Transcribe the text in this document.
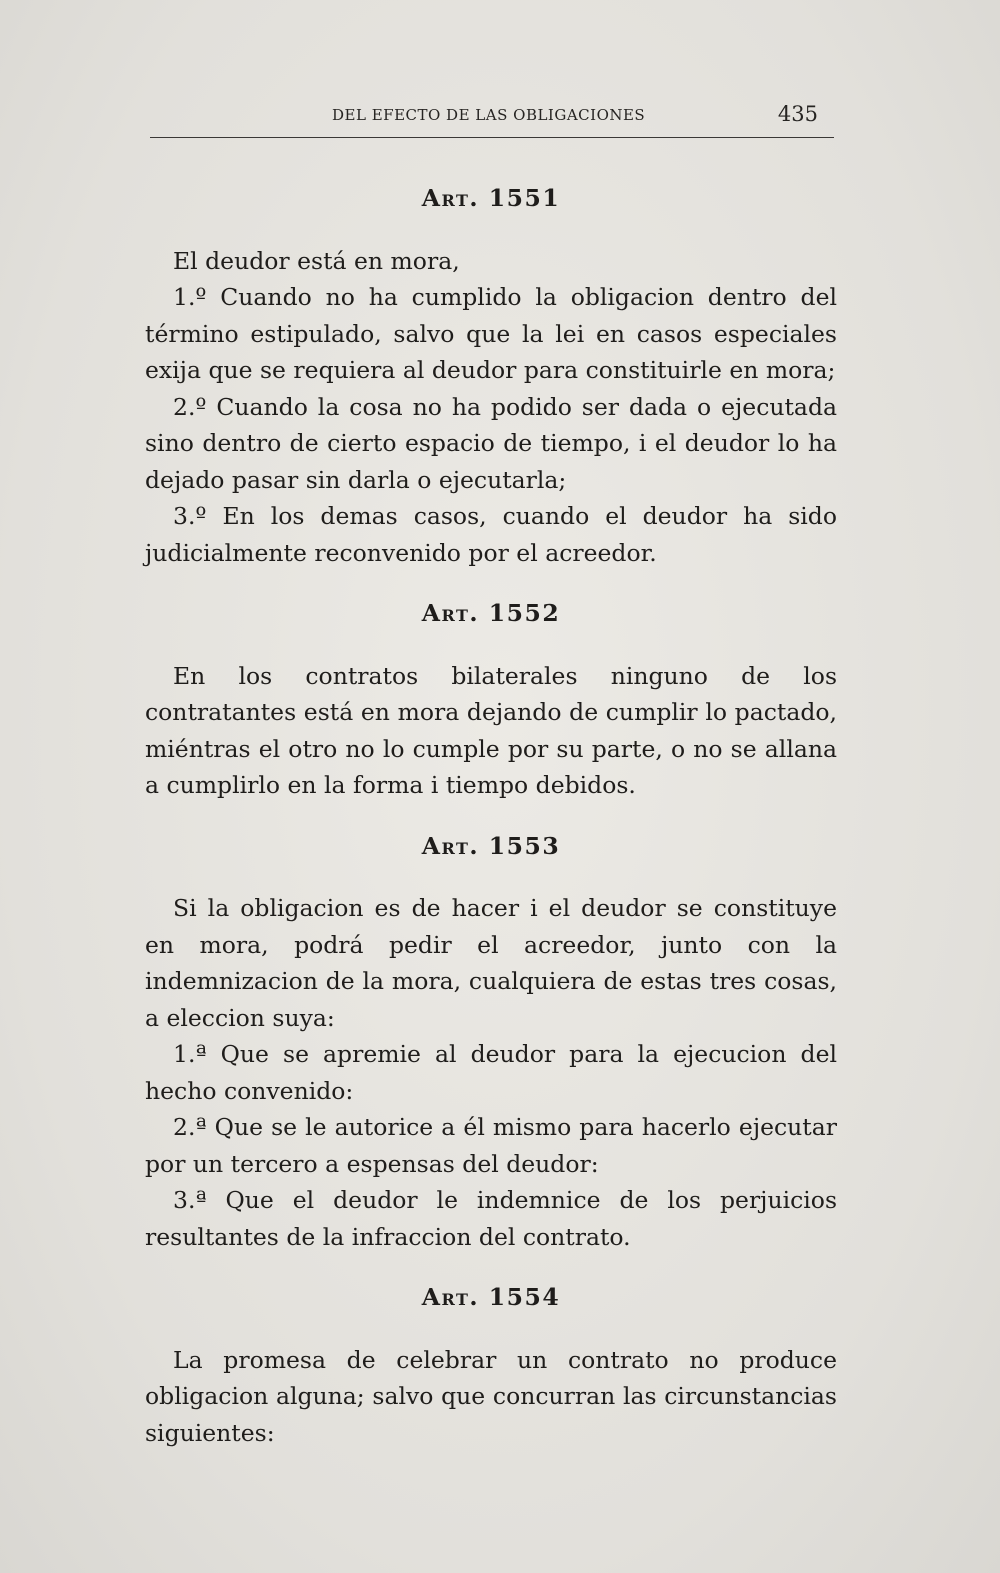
DEL EFECTO DE LAS OBLIGACIONES	435
Art. 1551

El deudor está en mora,

1.º Cuando no ha cumplido la obligacion dentro del término estipulado, salvo que la lei en casos especiales exija que se requiera al deudor para constituirle en mora;

2.º Cuando la cosa no ha podido ser dada o ejecutada sino dentro de cierto espacio de tiempo, i el deudor lo ha dejado pasar sin darla o ejecutarla;

3.º En los demas casos, cuando el deudor ha sido judicialmente reconvenido por el acreedor.

Art. 1552

En los contratos bilaterales ninguno de los contratantes está en mora dejando de cumplir lo pactado, miéntras el otro no lo cumple por su parte, o no se allana a cumplirlo en la forma i tiempo debidos.

Art. 1553

Si la obligacion es de hacer i el deudor se constituye en mora, podrá pedir el acreedor, junto con la indemnizacion de la mora, cualquiera de estas tres cosas, a eleccion suya:

1.ª Que se apremie al deudor para la ejecucion del hecho convenido:

2.ª Que se le autorice a él mismo para hacerlo ejecutar por un tercero a espensas del deudor:

3.ª Que el deudor le indemnice de los perjuicios resultantes de la infraccion del contrato.

Art. 1554

La promesa de celebrar un contrato no produce obligacion alguna; salvo que concurran las circunstancias siguientes:
